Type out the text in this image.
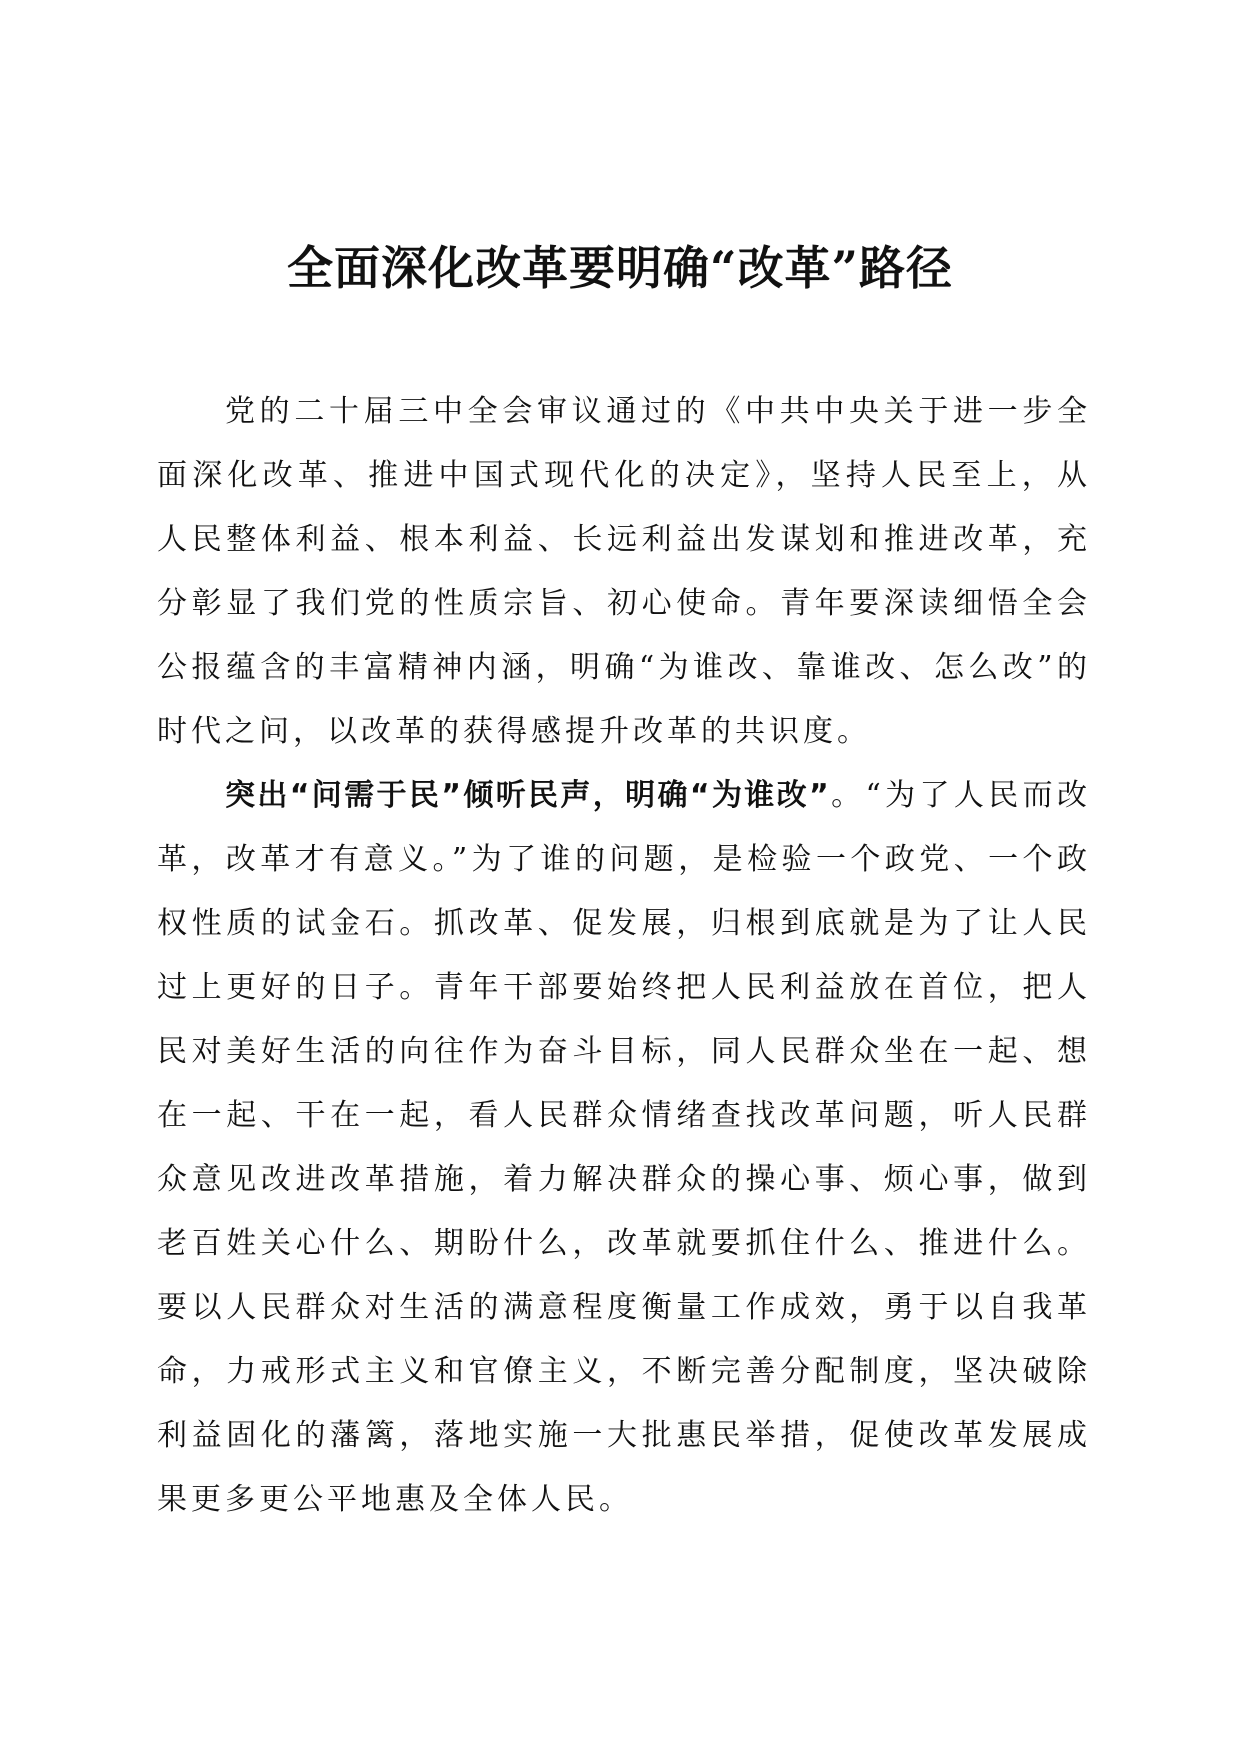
全面深化改革要明确“改革”路径

党的二十届三中全会审议通过的《中共中央关于进一步全面深化改革、推进中国式现代化的决定》，坚持人民至上，从人民整体利益、根本利益、长远利益出发谋划和推进改革，充分彰显了我们党的性质宗旨、初心使命。青年要深读细悟全会公报蕴含的丰富精神内涵，明确“为谁改、靠谁改、怎么改”的时代之问，以改革的获得感提升改革的共识度。

突出“问需于民”倾听民声，明确“为谁改”。“为了人民而改革，改革才有意义。”为了谁的问题，是检验一个政党、一个政权性质的试金石。抓改革、促发展，归根到底就是为了让人民过上更好的日子。青年干部要始终把人民利益放在首位，把人民对美好生活的向往作为奋斗目标，同人民群众坐在一起、想在一起、干在一起，看人民群众情绪查找改革问题，听人民群众意见改进改革措施，着力解决群众的操心事、烦心事，做到老百姓关心什么、期盼什么，改革就要抓住什么、推进什么。要以人民群众对生活的满意程度衡量工作成效，勇于以自我革命，力戒形式主义和官僚主义，不断完善分配制度，坚决破除利益固化的藩篱，落地实施一大批惠民举措，促使改革发展成果更多更公平地惠及全体人民。
